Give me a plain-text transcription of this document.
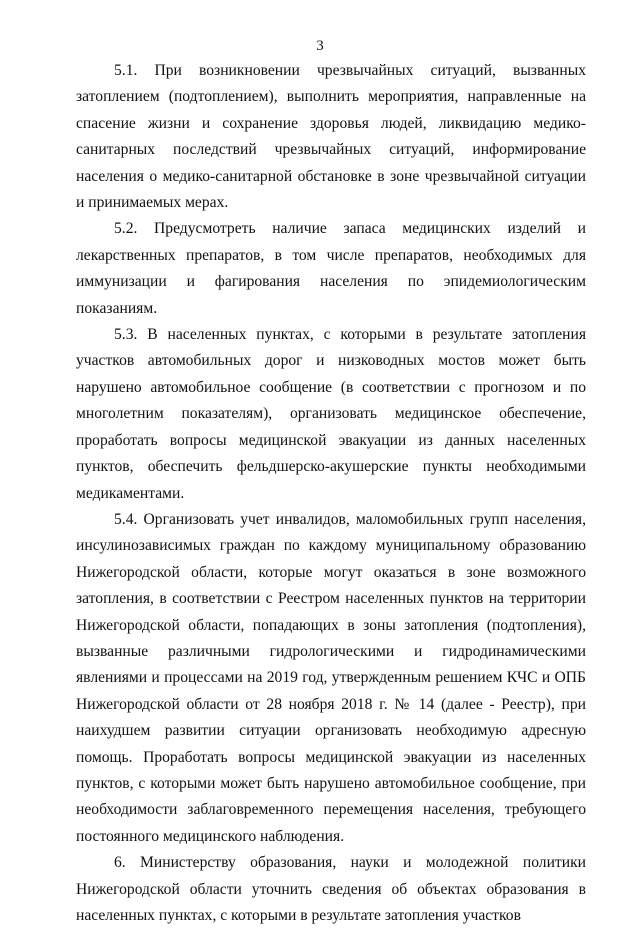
3

5.1. При возникновении чрезвычайных ситуаций, вызванных затоплением (подтоплением), выполнить мероприятия, направленные на спасение жизни и сохранение здоровья людей, ликвидацию медико-санитарных последствий чрезвычайных ситуаций, информирование населения о медико-санитарной обстановке в зоне чрезвычайной ситуации и принимаемых мерах.

5.2. Предусмотреть наличие запаса медицинских изделий и лекарственных препаратов, в том числе препаратов, необходимых для иммунизации и фагирования населения по эпидемиологическим показаниям.

5.3. В населенных пунктах, с которыми в результате затопления участков автомобильных дорог и низководных мостов может быть нарушено автомобильное сообщение (в соответствии с прогнозом и по многолетним показателям), организовать медицинское обеспечение, проработать вопросы медицинской эвакуации из данных населенных пунктов, обеспечить фельдшерско-акушерские пункты необходимыми медикаментами.

5.4. Организовать учет инвалидов, маломобильных групп населения, инсулинозависимых граждан по каждому муниципальному образованию Нижегородской области, которые могут оказаться в зоне возможного затопления, в соответствии с Реестром населенных пунктов на территории Нижегородской области, попадающих в зоны затопления (подтопления), вызванные различными гидрологическими и гидродинамическими явлениями и процессами на 2019 год, утвержденным решением КЧС и ОПБ Нижегородской области от 28 ноября 2018 г. № 14 (далее - Реестр), при наихудшем развитии ситуации организовать необходимую адресную помощь. Проработать вопросы медицинской эвакуации из населенных пунктов, с которыми может быть нарушено автомобильное сообщение, при необходимости заблаговременного перемещения населения, требующего постоянного медицинского наблюдения.

6. Министерству образования, науки и молодежной политики Нижегородской области уточнить сведения об объектах образования в населенных пунктах, с которыми в результате затопления участков
